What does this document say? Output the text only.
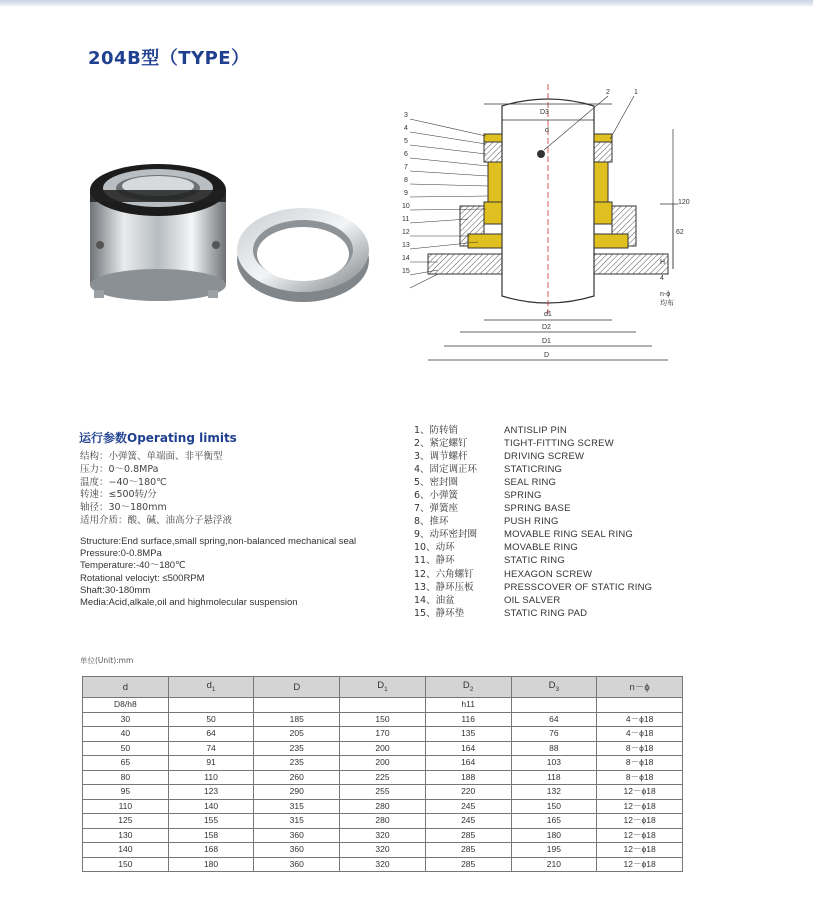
204B型（TYPE）
3
4
5
6
7
8
9
10
11
12
13
14
15
1
2
D3
d
d1
D2
D1
D
H
62
120
4
n-ϕ
均布
运行参数Operating limits
结构：小弹簧、单端面、非平衡型
压力：0～0.8MPa
温度：−40～180℃
转速：≤500转/分
轴径：30～180mm
适用介质：酸、碱、油高分子悬浮液
Structure:End surface,small spring,non-balanced mechanical seal
Pressure:0-0.8MPa
Temperature:-40～180℃
Rotational velociyt: ≤500RPM
Shaft:30-180mm
Media:Acid,alkale,oil and highmolecular suspension
1、防转销	ANTISLIP PIN
2、紧定螺钉	TIGHT-FITTING SCREW
3、调节螺杆	DRIVING SCREW
4、固定调正环	STATICRING
5、密封圈	SEAL RING
6、小弹簧	SPRING
7、弹簧座	SPRING BASE
8、推环	PUSH RING
9、动环密封圈	MOVABLE RING SEAL RING
10、动环	MOVABLE RING
11、静环	STATIC RING
12、六角螺钉	HEXAGON SCREW
13、静环压板	PRESSCOVER OF STATIC RING
14、油盆	OIL SALVER
15、静环垫	STATIC RING PAD
单位(Unit):mm
d	$d_1$	D	$D_1$	$D_2$	$D_3$	n－ϕ
D8/h8				h11		
30	50	185	150	116	64	4－ϕ18
40	64	205	170	135	76	4－ϕ18
50	74	235	200	164	88	8－ϕ18
65	91	235	200	164	103	8－ϕ18
80	110	260	225	188	118	8－ϕ18
95	123	290	255	220	132	12－ϕ18
110	140	315	280	245	150	12－ϕ18
125	155	315	280	245	165	12－ϕ18
130	158	360	320	285	180	12－ϕ18
140	168	360	320	285	195	12－ϕ18
150	180	360	320	285	210	12－ϕ18
